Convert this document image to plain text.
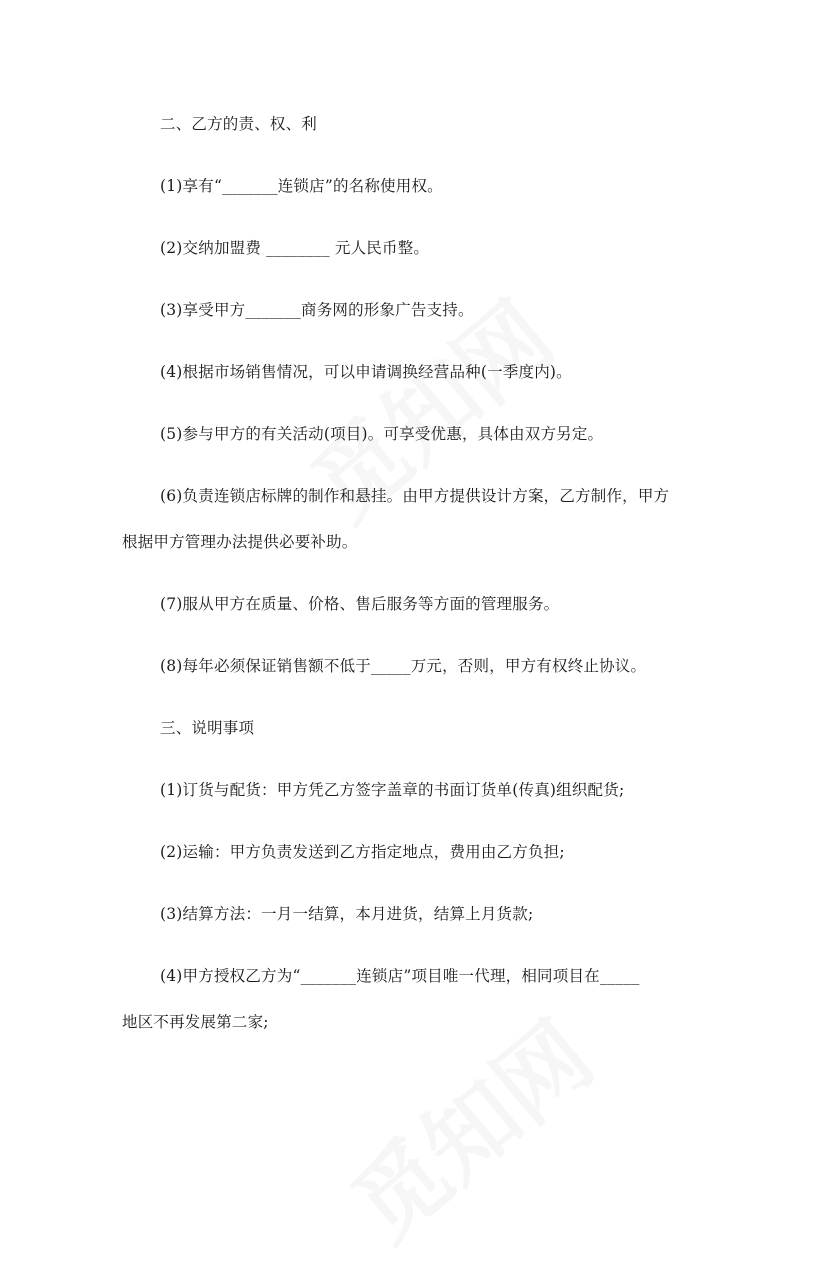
二、乙方的责、权、利
(1)享有“_______连锁店”的名称使用权。
(2)交纳加盟费 ________ 元人民币整。
(3)享受甲方_______商务网的形象广告支持。
(4)根据市场销售情况，可以申请调换经营品种(一季度内)。
(5)参与甲方的有关活动(项目)。可享受优惠，具体由双方另定。
(6)负责连锁店标牌的制作和悬挂。由甲方提供设计方案，乙方制作，甲方
根据甲方管理办法提供必要补助。
(7)服从甲方在质量、价格、售后服务等方面的管理服务。
(8)每年必须保证销售额不低于_____万元，否则，甲方有权终止协议。
三、说明事项
(1)订货与配货：甲方凭乙方签字盖章的书面订货单(传真)组织配货;
(2)运输：甲方负责发送到乙方指定地点，费用由乙方负担;
(3)结算方法：一月一结算，本月进货，结算上月货款;
(4)甲方授权乙方为“_______连锁店”项目唯一代理，相同项目在_____
地区不再发展第二家;
